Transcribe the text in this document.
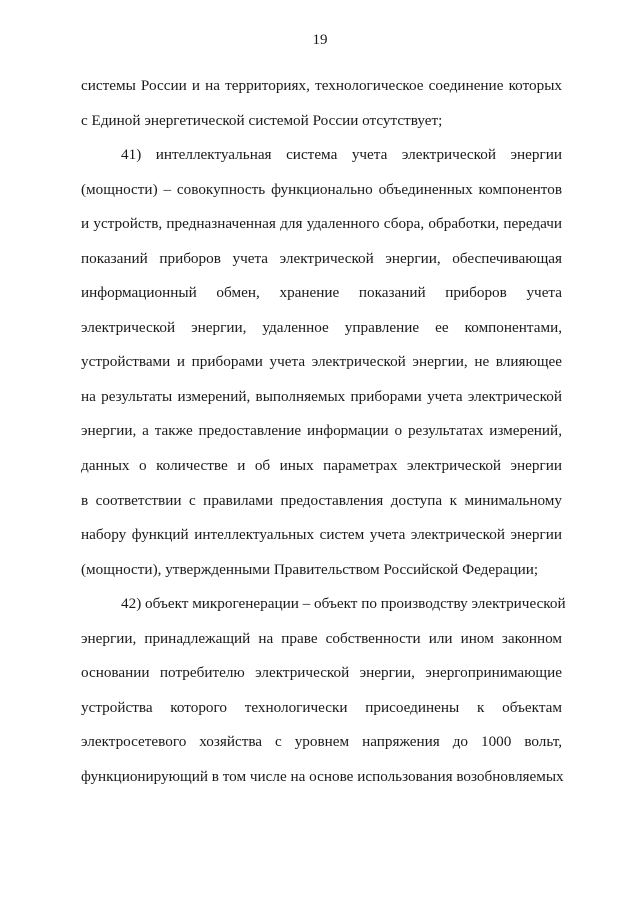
19
системы России и на территориях, технологическое соединение которых
с Единой энергетической системой России отсутствует;
41) интеллектуальная система учета электрической энергии
(мощности) – совокупность функционально объединенных компонентов
и устройств, предназначенная для удаленного сбора, обработки, передачи
показаний приборов учета электрической энергии, обеспечивающая
информационный обмен, хранение показаний приборов учета
электрической энергии, удаленное управление ее компонентами,
устройствами и приборами учета электрической энергии, не влияющее
на результаты измерений, выполняемых приборами учета электрической
энергии, а также предоставление информации о результатах измерений,
данных о количестве и об иных параметрах электрической энергии
в соответствии с правилами предоставления доступа к минимальному
набору функций интеллектуальных систем учета электрической энергии
(мощности), утвержденными Правительством Российской Федерации;
42) объект микрогенерации – объект по производству электрической
энергии, принадлежащий на праве собственности или ином законном
основании потребителю электрической энергии, энергопринимающие
устройства которого технологически присоединены к объектам
электросетевого хозяйства с уровнем напряжения до 1000 вольт,
функционирующий в том числе на основе использования возобновляемых
